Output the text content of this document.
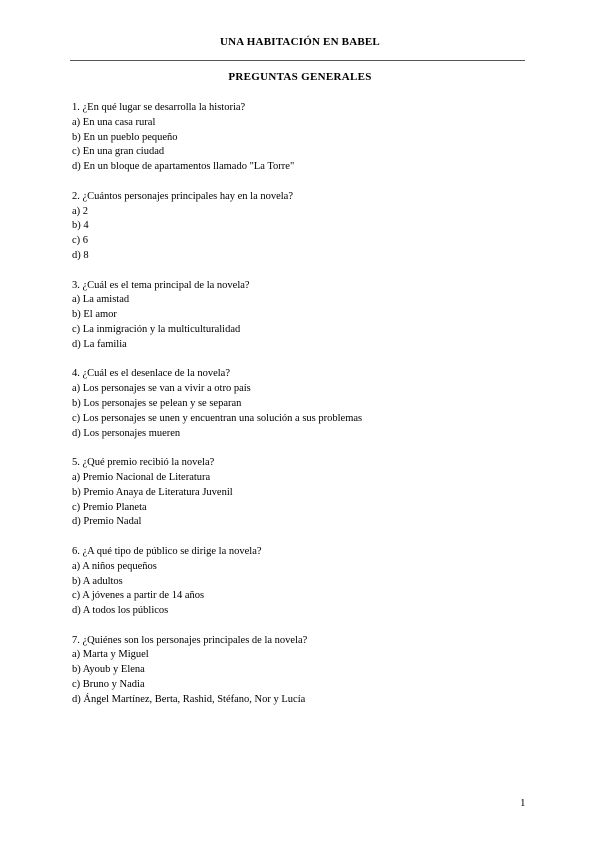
UNA HABITACIÓN EN BABEL
PREGUNTAS GENERALES
1. ¿En qué lugar se desarrolla la historia?
a) En una casa rural
b) En un pueblo pequeño
c) En una gran ciudad
d) En un bloque de apartamentos llamado "La Torre"
2. ¿Cuántos personajes principales hay en la novela?
a) 2
b) 4
c) 6
d) 8
3. ¿Cuál es el tema principal de la novela?
a) La amistad
b) El amor
c) La inmigración y la multiculturalidad
d) La familia
4. ¿Cuál es el desenlace de la novela?
a) Los personajes se van a vivir a otro país
b) Los personajes se pelean y se separan
c) Los personajes se unen y encuentran una solución a sus problemas
d) Los personajes mueren
5. ¿Qué premio recibió la novela?
a) Premio Nacional de Literatura
b) Premio Anaya de Literatura Juvenil
c) Premio Planeta
d) Premio Nadal
6. ¿A qué tipo de público se dirige la novela?
a) A niños pequeños
b) A adultos
c) A jóvenes a partir de 14 años
d) A todos los públicos
7. ¿Quiénes son los personajes principales de la novela?
a) Marta y Miguel
b) Ayoub y Elena
c) Bruno y Nadia
d) Ángel Martínez, Berta, Rashid, Stéfano, Nor y Lucía
1
